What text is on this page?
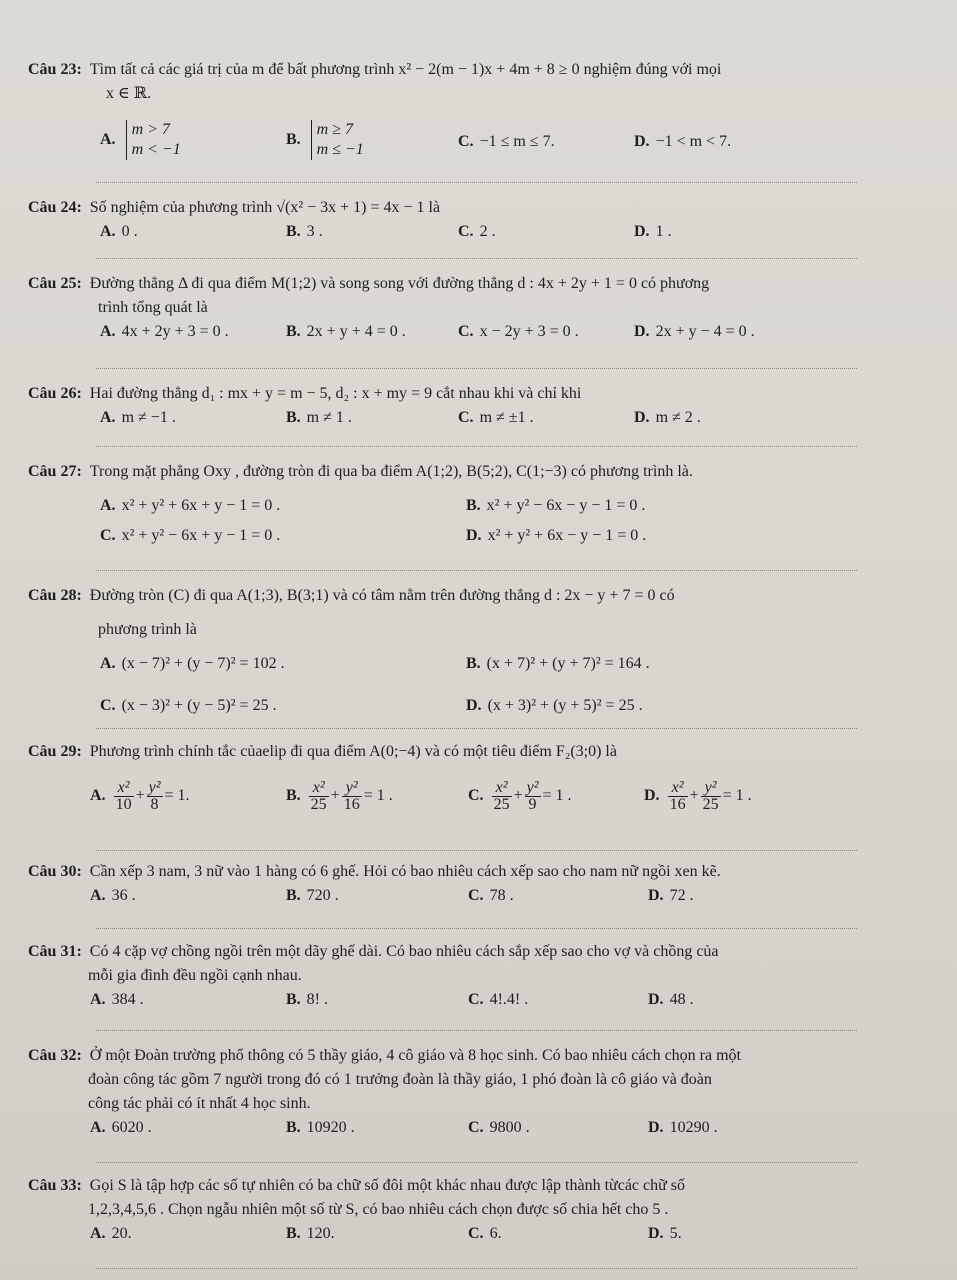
Câu 23: Tìm tất cả các giá trị của m để bất phương trình x² − 2(m − 1)x + 4m + 8 ≥ 0 nghiệm đúng với mọi
x ∈ ℝ.
A.
m > 7
m < −1
B.
m ≥ 7
m ≤ −1	C. −1 ≤ m ≤ 7.	D. −1 < m < 7.
Câu 24: Số nghiệm của phương trình √(x² − 3x + 1) = 4x − 1 là
A. 0 .	B. 3 .	C. 2 .	D. 1 .
Câu 25: Đường thẳng Δ đi qua điểm M(1;2) và song song với đường thẳng d : 4x + 2y + 1 = 0 có phương
trình tổng quát là
A. 4x + 2y + 3 = 0 .	B. 2x + y + 4 = 0 .	C. x − 2y + 3 = 0 .	D. 2x + y − 4 = 0 .
Câu 26: Hai đường thẳng d₁ : mx + y = m − 5, d₂ : x + my = 9 cắt nhau khi và chỉ khi
A. m ≠ −1 .	B. m ≠ 1 .	C. m ≠ ±1 .	D. m ≠ 2 .
Câu 27: Trong mặt phẳng Oxy , đường tròn đi qua ba điểm A(1;2), B(5;2), C(1;−3) có phương trình là.
A. x² + y² + 6x + y − 1 = 0 .	B. x² + y² − 6x − y − 1 = 0 .
C. x² + y² − 6x + y − 1 = 0 .	D. x² + y² + 6x − y − 1 = 0 .
Câu 28: Đường tròn (C) đi qua A(1;3), B(3;1) và có tâm nằm trên đường thẳng d : 2x − y + 7 = 0 có
phương trình là
A. (x − 7)² + (y − 7)² = 102 .	B. (x + 7)² + (y + 7)² = 164 .
C. (x − 3)² + (y − 5)² = 25 .	D. (x + 3)² + (y + 5)² = 25 .
Câu 29: Phương trình chính tắc củaelip đi qua điểm A(0;−4) và có một tiêu điểm F₂(3;0) là
A. $\frac{\text{x²}}{10} + \frac{\text{y²}}{8} = 1$.	B. $\frac{\text{x²}}{25} + \frac{\text{y²}}{16} = 1$ .	C. $\frac{\text{x²}}{25} + \frac{\text{y²}}{9} = 1$ .	D. $\frac{\text{x²}}{16} + \frac{\text{y²}}{25} = 1$ .
Câu 30: Cần xếp 3 nam, 3 nữ vào 1 hàng có 6 ghế. Hỏi có bao nhiêu cách xếp sao cho nam nữ ngồi xen kẽ.
A. 36 .	B. 720 .	C. 78 .	D. 72 .
Câu 31: Có 4 cặp vợ chồng ngồi trên một dãy ghế dài. Có bao nhiêu cách sắp xếp sao cho vợ và chồng của
mỗi gia đình đều ngồi cạnh nhau.
A. 384 .	B. 8! .	C. 4!.4! .	D. 48 .
Câu 32: Ở một Đoàn trường phổ thông có 5 thầy giáo, 4 cô giáo và 8 học sinh. Có bao nhiêu cách chọn ra một
đoàn công tác gồm 7 người trong đó có 1 trưởng đoàn là thầy giáo, 1 phó đoàn là cô giáo và đoàn
công tác phải có ít nhất 4 học sinh.
A. 6020 .	B. 10920 .	C. 9800 .	D. 10290 .
Câu 33: Gọi S là tập hợp các số tự nhiên có ba chữ số đôi một khác nhau được lập thành từcác chữ số
1,2,3,4,5,6 . Chọn ngẫu nhiên một số từ S, có bao nhiêu cách chọn được số chia hết cho 5 .
A. 20.	B. 120.	C. 6.	D. 5.
